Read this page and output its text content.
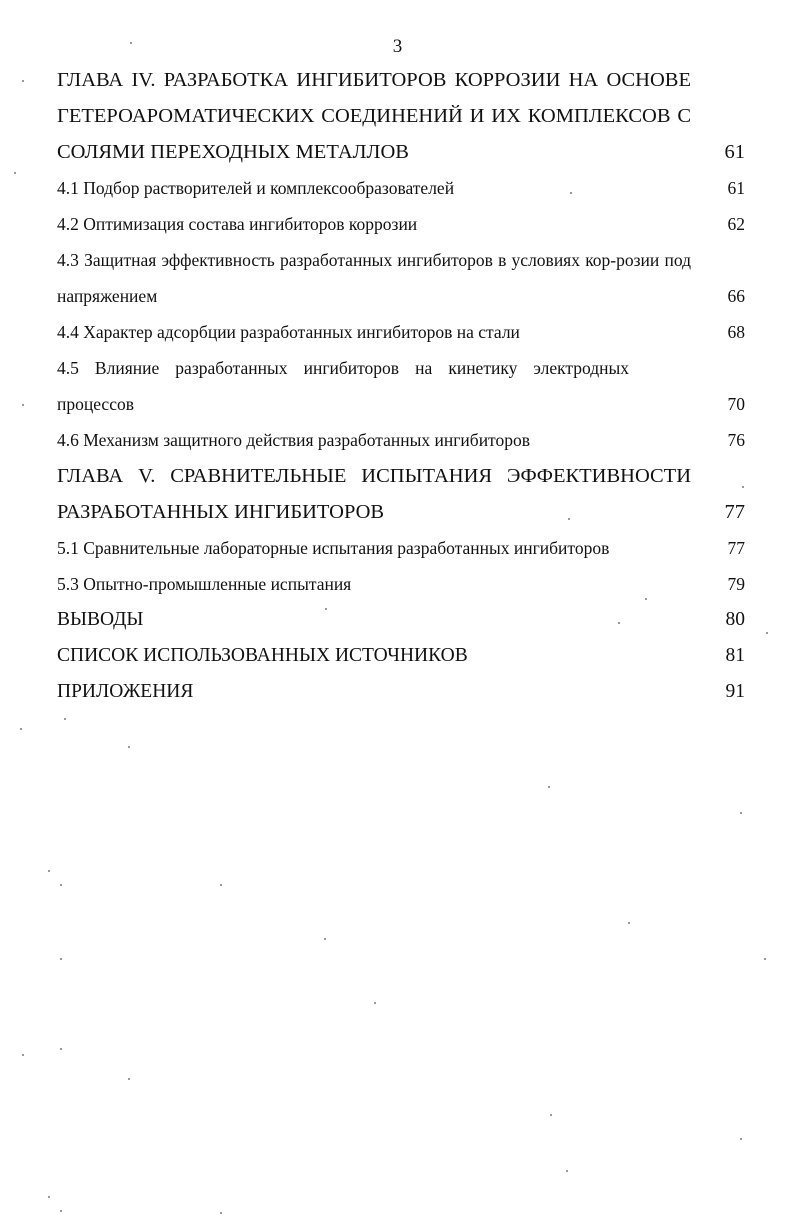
3
ГЛАВА IV. РАЗРАБОТКА ИНГИБИТОРОВ КОРРОЗИИ НА ОСНОВЕ ГЕТЕРОАРОМАТИЧЕСКИХ СОЕДИНЕНИЙ И ИХ КОМПЛЕКСОВ С СОЛЯМИ ПЕРЕХОДНЫХ МЕТАЛЛОВ	61
4.1 Подбор растворителей и комплексообразователей	61
4.2 Оптимизация состава ингибиторов коррозии	62
4.3 Защитная эффективность разработанных ингибиторов в условиях кор-розии под напряжением	66
4.4 Характер адсорбции разработанных ингибиторов на стали	68
4.5 Влияние разработанных ингибиторов на кинетику электродных процессов	70
4.6 Механизм защитного действия разработанных ингибиторов	76
ГЛАВА V. СРАВНИТЕЛЬНЫЕ ИСПЫТАНИЯ ЭФФЕКТИВНОСТИ РАЗРАБОТАННЫХ ИНГИБИТОРОВ	77
5.1 Сравнительные лабораторные испытания разработанных ингибиторов	77
5.3 Опытно-промышленные испытания	79
ВЫВОДЫ	80
СПИСОК ИСПОЛЬЗОВАННЫХ ИСТОЧНИКОВ	81
ПРИЛОЖЕНИЯ	91
